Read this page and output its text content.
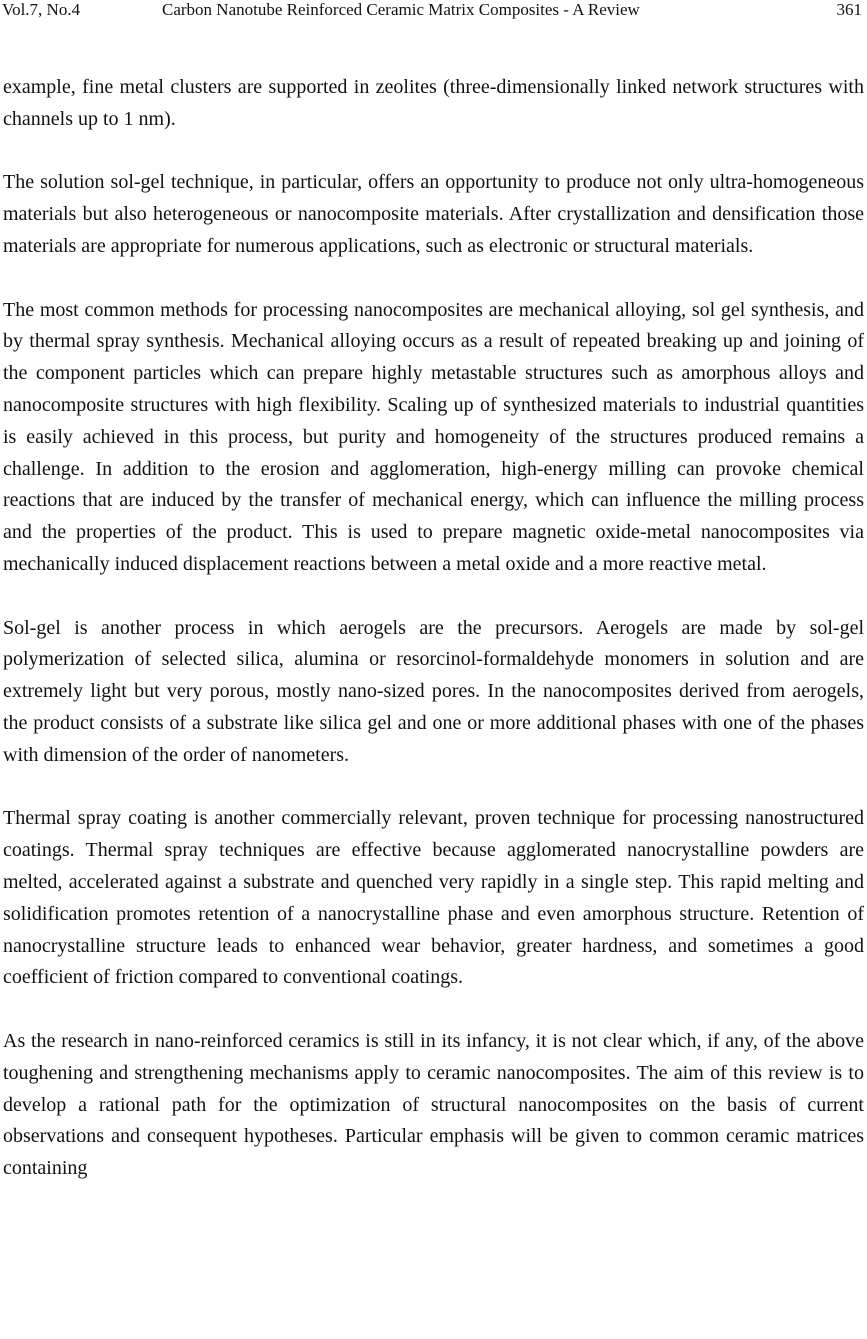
Vol.7, No.4	Carbon Nanotube Reinforced Ceramic Matrix Composites - A Review	361

example, fine metal clusters are supported in zeolites (three-dimensionally linked network structures with channels up to 1 nm).

The solution sol-gel technique, in particular, offers an opportunity to produce not only ultra-homogeneous materials but also heterogeneous or nanocomposite materials. After crystallization and densification those materials are appropriate for numerous applications, such as electronic or structural materials.

The most common methods for processing nanocomposites are mechanical alloying, sol gel synthesis, and by thermal spray synthesis. Mechanical alloying occurs as a result of repeated breaking up and joining of the component particles which can prepare highly metastable structures such as amorphous alloys and nanocomposite structures with high flexibility. Scaling up of synthesized materials to industrial quantities is easily achieved in this process, but purity and homogeneity of the structures produced remains a challenge. In addition to the erosion and agglomeration, high-energy milling can provoke chemical reactions that are induced by the transfer of mechanical energy, which can influence the milling process and the properties of the product. This is used to prepare magnetic oxide-metal nanocomposites via mechanically induced displacement reactions between a metal oxide and a more reactive metal.

Sol-gel is another process in which aerogels are the precursors. Aerogels are made by sol-gel polymerization of selected silica, alumina or resorcinol-formaldehyde monomers in solution and are extremely light but very porous, mostly nano-sized pores. In the nanocomposites derived from aerogels, the product consists of a substrate like silica gel and one or more additional phases with one of the phases with dimension of the order of nanometers.

Thermal spray coating is another commercially relevant, proven technique for processing nanostructured coatings. Thermal spray techniques are effective because agglomerated nanocrystalline powders are melted, accelerated against a substrate and quenched very rapidly in a single step. This rapid melting and solidification promotes retention of a nanocrystalline phase and even amorphous structure. Retention of nanocrystalline structure leads to enhanced wear behavior, greater hardness, and sometimes a good coefficient of friction compared to conventional coatings.

As the research in nano-reinforced ceramics is still in its infancy, it is not clear which, if any, of the above toughening and strengthening mechanisms apply to ceramic nanocomposites. The aim of this review is to develop a rational path for the optimization of structural nanocomposites on the basis of current observations and consequent hypotheses. Particular emphasis will be given to common ceramic matrices containing
